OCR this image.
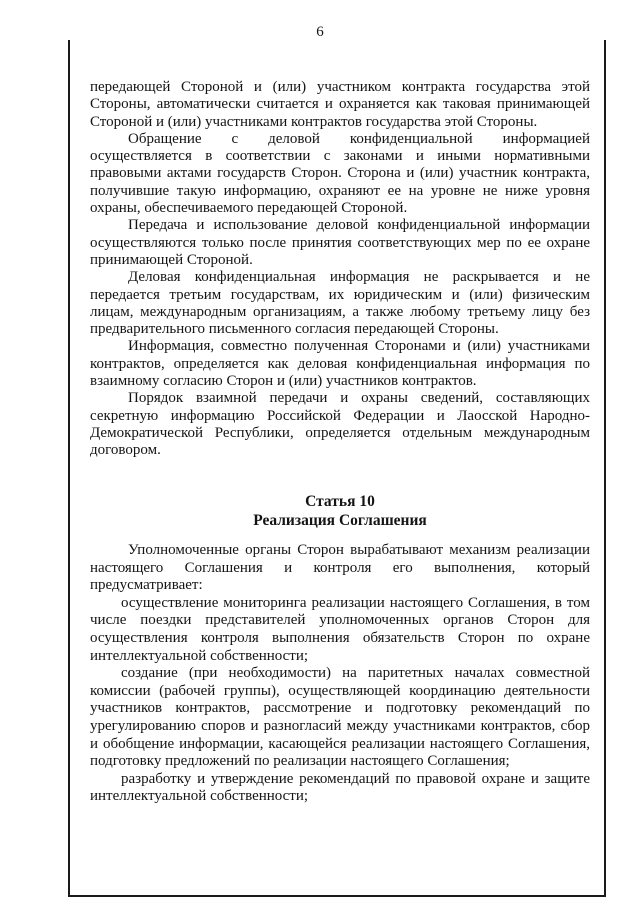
6

передающей Стороной и (или) участником контракта государства этой Стороны, автоматически считается и охраняется как таковая принимающей Стороной и (или) участниками контрактов государства этой Стороны.

Обращение с деловой конфиденциальной информацией осуществляется в соответствии с законами и иными нормативными правовыми актами государств Сторон. Сторона и (или) участник контракта, получившие такую информацию, охраняют ее на уровне не ниже уровня охраны, обеспечиваемого передающей Стороной.

Передача и использование деловой конфиденциальной информации осуществляются только после принятия соответствующих мер по ее охране принимающей Стороной.

Деловая конфиденциальная информация не раскрывается и не передается третьим государствам, их юридическим и (или) физическим лицам, международным организациям, а также любому третьему лицу без предварительного письменного согласия передающей Стороны.

Информация, совместно полученная Сторонами и (или) участниками контрактов, определяется как деловая конфиденциальная информация по взаимному согласию Сторон и (или) участников контрактов.

Порядок взаимной передачи и охраны сведений, составляющих секретную информацию Российской Федерации и Лаосской Народно-Демократической Республики, определяется отдельным международным договором.

Статья 10
Реализация Соглашения

Уполномоченные органы Сторон вырабатывают механизм реализации настоящего Соглашения и контроля его выполнения, который предусматривает:

осуществление мониторинга реализации настоящего Соглашения, в том числе поездки представителей уполномоченных органов Сторон для осуществления контроля выполнения обязательств Сторон по охране интеллектуальной собственности;

создание (при необходимости) на паритетных началах совместной комиссии (рабочей группы), осуществляющей координацию деятельности участников контрактов, рассмотрение и подготовку рекомендаций по урегулированию споров и разногласий между участниками контрактов, сбор и обобщение информации, касающейся реализации настоящего Соглашения, подготовку предложений по реализации настоящего Соглашения;

разработку и утверждение рекомендаций по правовой охране и защите интеллектуальной собственности;
